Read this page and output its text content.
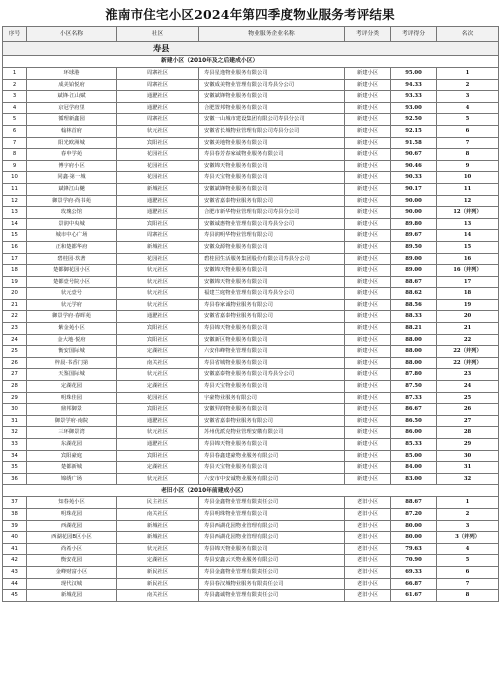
淮南市住宅小区2024年第四季度物业服务考评结果
序号	小区名称	社区	物业服务企业名称	考评分类	考评得分	名次
寿县						
新建小区（2010年及之后建成小区）						
1	环球港	周寨社区	寿县星逸物业服务有限公司	新建小区	95.00	1
2	成美铂悦府	周寨社区	安徽成美物业管理有限公司寿县分公司	新建小区	94.33	2
3	斌锋·江山赋	通淝社区	安徽斌锋物业服务有限公司	新建小区	93.33	3
4	京冠学府里	通淝社区	合肥置邦物业服务有限公司	新建小区	93.00	4
5	循理新鑫园	周寨社区	安徽一山城市建设集团有限公司寿县分公司	新建小区	92.50	5
6	翰林首府	状元社区	安徽省长城物业管理有限公司寿县分公司	新建小区	92.15	6
7	阳光欧洲城	宾阳社区	安徽美地物业服务有限公司	新建小区	91.58	7
8	春申学苑	花园社区	寿县春芳春家诚物业服务有限公司	新建小区	90.67	8
9	博宇府小区	花园社区	安徽锦天物业服务有限公司	新建小区	90.46	9
10	同鑫·第一城	花园社区	寿县天宝物业服务有限公司	新建小区	90.33	10
11	斌锋江山樾	新城社区	安徽斌锋物业服务有限公司	新建小区	90.17	11
12	御景学府·尚书苑	通淝社区	安徽省嘉泰物业服务有限公司	新建小区	90.00	12
13	玫瑰公馆	通淝社区	合肥市新华物业管理有限公司寿县分公司	新建小区	90.00	12（并列）
14	景润中央城	宾阳社区	安徽诚惠物业管理有限公司寿县分公司	新建小区	89.80	13
15	城市中心广场	周寨社区	寿县润明华物业管理有限公司	新建小区	89.67	14
16	正和楚都华府	新城社区	安徽众源物业服务有限公司	新建小区	89.50	15
17	碧桂园·玖著	花园社区	碧桂园生活服务集团股份有限公司寿县分公司	新建小区	89.00	16
18	楚都御花园小区	状元社区	安徽锦天物业服务有限公司	新建小区	89.00	16（并列）
19	楚都壹号院小区	状元社区	安徽锦天物业服务有限公司	新建小区	88.67	17
20	状元壹号	状元社区	福建兰庭物业管理有限公司寿县分公司	新建小区	88.62	18
21	状元学府	状元社区	寿县春家诚物业服务有限公司	新建小区	88.56	19
22	御景学府·春晖苑	通淝社区	安徽省嘉泰物业服务有限公司	新建小区	88.33	20
23	紫金苑小区	宾阳社区	寿县锦天物业服务有限公司	新建小区	88.21	21
24	金大地·悦府	宾阳社区	安徽新区物业服务有限公司	新建小区	88.00	22
25	衡安国际城	定湖社区	六安伟峰物业管理有限公司	新建小区	88.00	22（并列）
26	梓晨·书香门第	南关社区	寿县省城物业服务有限公司	新建小区	88.00	22（并列）
27	天鉴国际城	状元社区	安徽嘉泰物业服务有限公司寿县分公司	新建小区	87.80	23
28	定湖花园	定湖社区	寿县天宝物业服务有限公司	新建小区	87.50	24
29	明珠佳园	花园社区	宇豪物业服务有限公司	新建小区	87.33	25
30	鼎邦御景	宾阳社区	安徽羿润物业服务有限公司	新建小区	86.67	26
31	御景学府·南院	通淝社区	安徽省嘉泰物业服务有限公司	新建小区	86.50	27
32	三环御景湾	状元社区	苏州优派克物业管理安徽有限公司	新建小区	86.00	28
33	东湖花园	通淝社区	寿县锦天物业服务有限公司	新建小区	85.33	29
34	宾阳豪庭	宾阳社区	寿县春鑫建豪物业服务有限公司	新建小区	85.00	30
35	楚都新城	定湖社区	寿县天宝物业服务有限公司	新建小区	84.00	31
36	锦绣广场	状元社区	六安市中安诚物业服务有限公司	新建小区	83.00	32
老旧小区（2010年前建成小区）						
37	知春苑小区	民主社区	寿县金鑫物业管理有限责任公司	老旧小区	88.67	1
38	明珠花园	南关社区	寿县明珠物业管理有限公司	老旧小区	87.20	2
39	西湖花园	新城社区	寿县西湖花园物业管理有限公司	老旧小区	80.00	3
40	西湖花园B区小区	新城社区	寿县西湖花园物业管理有限公司	老旧小区	80.00	3（并列）
41	尚希小区	状元社区	寿县锦天物业服务有限公司	老旧小区	79.63	4
42	衡安花园	定湖社区	寿县安鑫云天物业服务有限公司	老旧小区	70.90	5
43	金峰财富小区	新民社区	寿县金鑫物业管理有限责任公司	老旧小区	69.33	6
44	现代汉城	新民社区	寿县春汉城物业服务有限责任公司	老旧小区	66.87	7
45	新城花园	南关社区	寿县鑫诚物业管理有限责任公司	老旧小区	61.67	8
